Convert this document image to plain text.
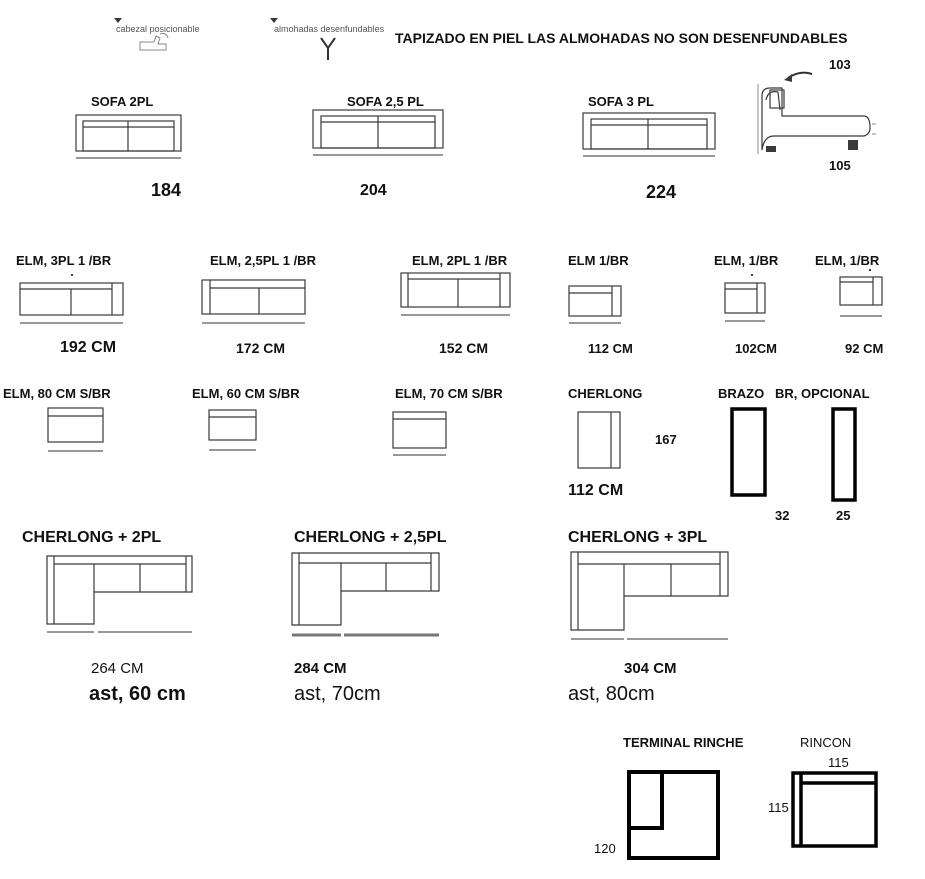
cabezal posicionable	almohadas desenfundables
TAPIZADO EN PIEL LAS ALMOHADAS NO SON DESENFUNDABLES
SOFA 2PL
184
SOFA 2,5 PL
204
SOFA 3 PL
224
103
105
ELM, 3PL 1 /BR
192 CM
ELM, 2,5PL 1 /BR
172 CM
ELM, 2PL 1 /BR
152 CM
ELM 1/BR
112 CM
ELM, 1/BR
102CM
ELM, 1/BR
92 CM
ELM, 80 CM S/BR	ELM, 60 CM S/BR	ELM, 70 CM S/BR	CHERLONG
167
112 CM
BRAZO BR, OPCIONAL
32	25
CHERLONG + 2PL
264 CM
ast, 60 cm
CHERLONG + 2,5PL
284 CM
ast, 70cm
CHERLONG + 3PL
304 CM
ast, 80cm
TERMINAL RINCHE
120
RINCON
115
115
